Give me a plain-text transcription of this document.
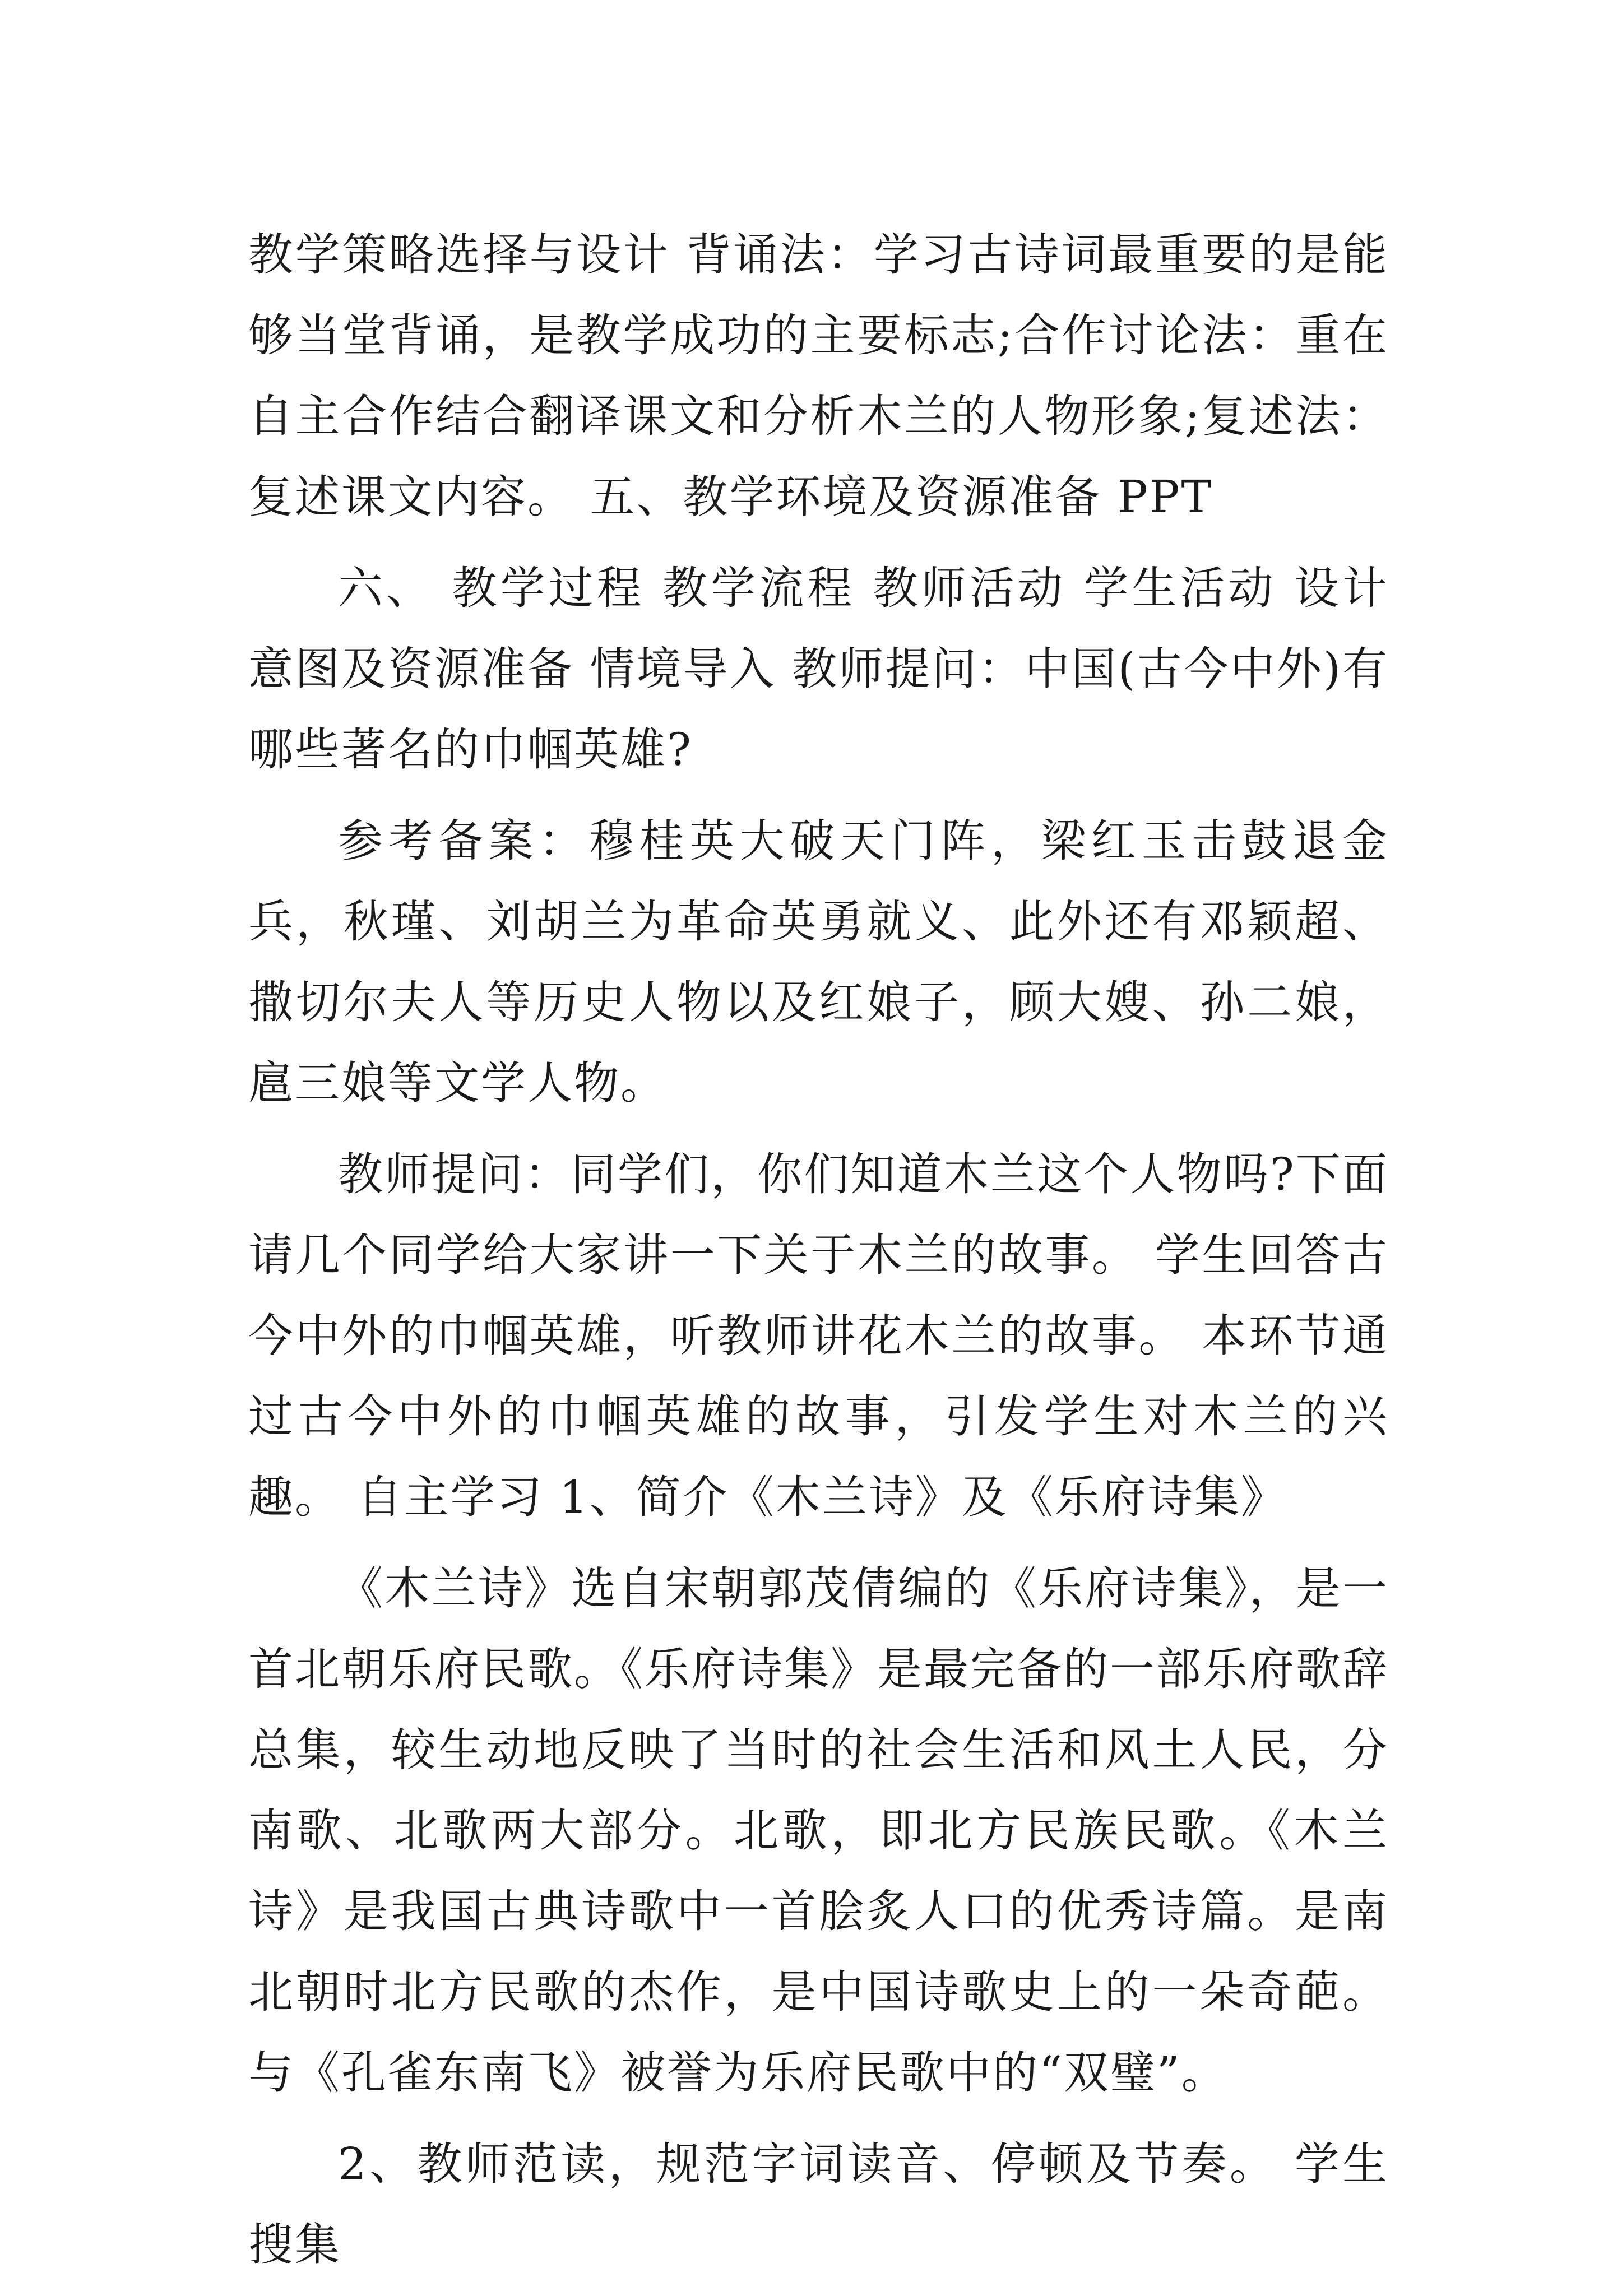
教学策略选择与设计 背诵法：学习古诗词最重要的是能够当堂背诵，是教学成功的主要标志;合作讨论法：重在自主合作结合翻译课文和分析木兰的人物形象;复述法：复述课文内容。 五、教学环境及资源准备 PPT

六、 教学过程 教学流程 教师活动 学生活动 设计意图及资源准备 情境导入 教师提问：中国(古今中外)有哪些著名的巾帼英雄?

参考备案：穆桂英大破天门阵，梁红玉击鼓退金兵，秋瑾、刘胡兰为革命英勇就义、此外还有邓颖超、撒切尔夫人等历史人物以及红娘子，顾大嫂、孙二娘，扈三娘等文学人物。

教师提问：同学们，你们知道木兰这个人物吗?下面请几个同学给大家讲一下关于木兰的故事。 学生回答古今中外的巾帼英雄，听教师讲花木兰的故事。 本环节通过古今中外的巾帼英雄的故事，引发学生对木兰的兴趣。 自主学习 1、简介《木兰诗》及《乐府诗集》

《木兰诗》选自宋朝郭茂倩编的《乐府诗集》，是一首北朝乐府民歌。《乐府诗集》是最完备的一部乐府歌辞总集，较生动地反映了当时的社会生活和风土人民，分南歌、北歌两大部分。北歌，即北方民族民歌。《木兰诗》是我国古典诗歌中一首脍炙人口的优秀诗篇。是南北朝时北方民歌的杰作，是中国诗歌史上的一朵奇葩。与《孔雀东南飞》被誉为乐府民歌中的“双璧”。

2、教师范读，规范字词读音、停顿及节奏。 学生搜集
